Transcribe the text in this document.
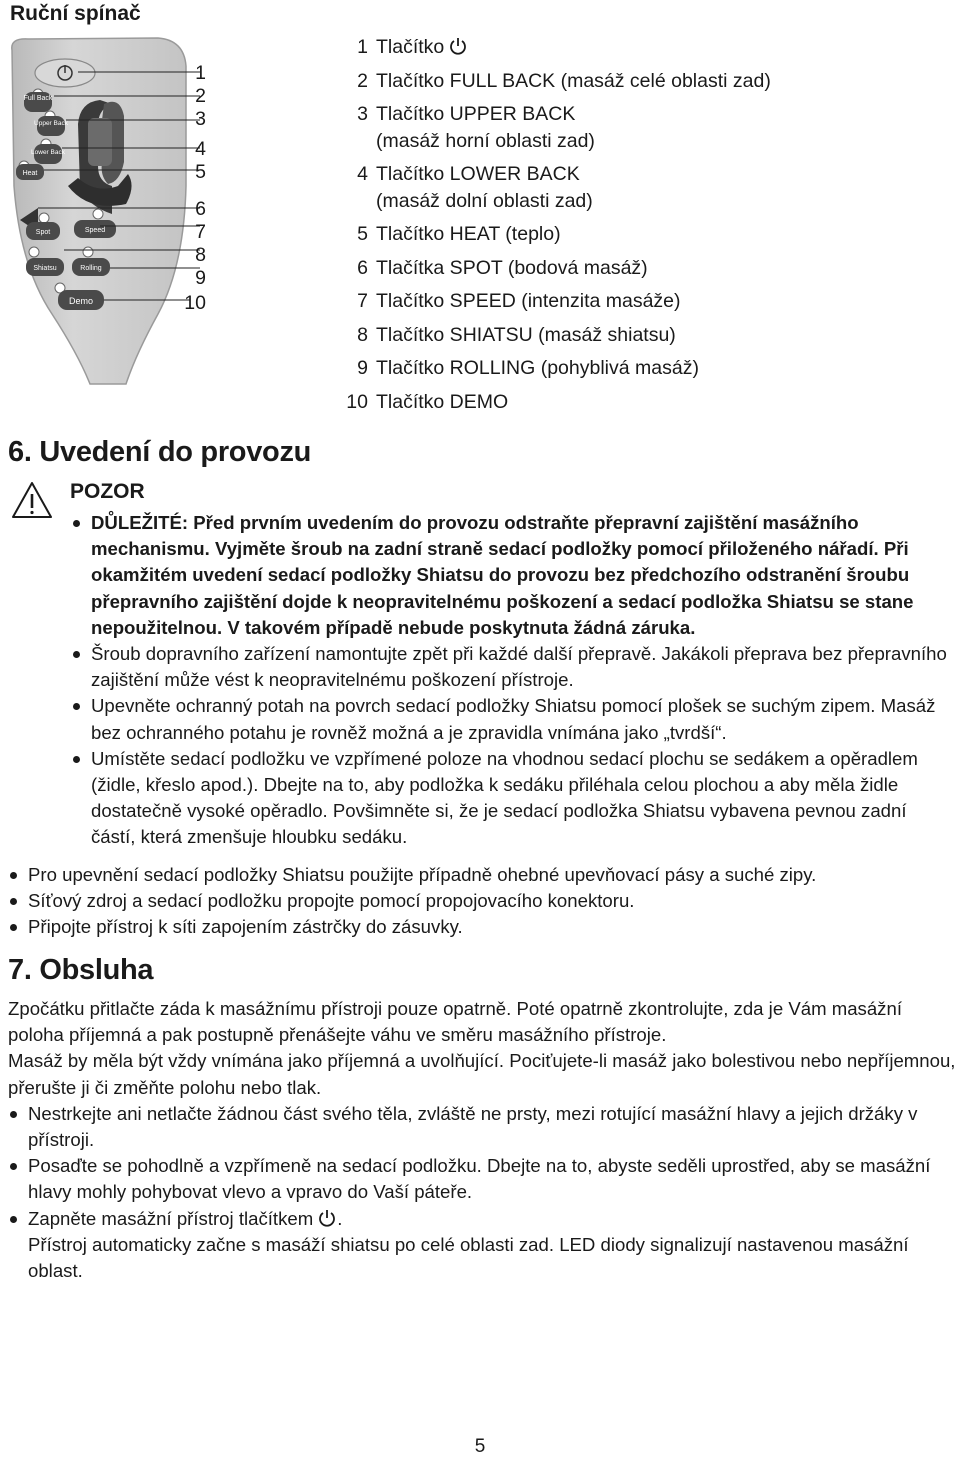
Ruční spínač
Full Back
Upper Back
Lower Back
Heat
Spot	Speed
Shiatsu	Rolling
Demo
1
2
3
4
5
6
7
8
9
10
1 Tlačítko
2 Tlačítko FULL BACK (masáž celé oblasti zad)
3 Tlačítko UPPER BACK
(masáž horní oblasti zad)
4 Tlačítko LOWER BACK
(masáž dolní oblasti zad)
5 Tlačítko HEAT (teplo)
6 Tlačítka SPOT (bodová masáž)
7 Tlačítko SPEED (intenzita masáže)
8 Tlačítko SHIATSU (masáž shiatsu)
9 Tlačítko ROLLING (pohyblivá masáž)
10 Tlačítko DEMO
6. Uvedení do provozu
POZOR
DŮLEŽITÉ: Před prvním uvedením do provozu odstraňte přepravní zajištění masážního mechanismu. Vyjměte šroub na zadní straně sedací podložky pomocí přiloženého nářadí. Při okamžitém uvedení sedací podložky Shiatsu do provozu bez předchozího odstranění šroubu přepravního zajištění dojde k neopravitelnému poškození a sedací podložka Shiatsu se stane nepoužitelnou. V takovém případě nebude poskytnuta žádná záruka.
Šroub dopravního zařízení namontujte zpět při každé další přepravě. Jakákoli přeprava bez přepravního zajištění může vést k neopravitelnému poškození přístroje.
Upevněte ochranný potah na povrch sedací podložky Shiatsu pomocí plošek se suchým zipem. Masáž bez ochranného potahu je rovněž možná a je zpravidla vnímána jako „tvrdší“.
Umístěte sedací podložku ve vzpřímené poloze na vhodnou sedací plochu se sedákem a opěradlem (židle, křeslo apod.). Dbejte na to, aby podložka k sedáku přiléhala celou plochou a aby měla židle dostatečně vysoké opěradlo. Povšimněte si, že je sedací podložka Shiatsu vybavena pevnou zadní částí, která zmenšuje hloubku sedáku.
Pro upevnění sedací podložky Shiatsu použijte případně ohebné upevňovací pásy a suché zipy.
Síťový zdroj a sedací podložku propojte pomocí propojovacího konektoru.
Připojte přístroj k síti zapojením zástrčky do zásuvky.
7. Obsluha

Zpočátku přitlačte záda k masážnímu přístroji pouze opatrně. Poté opatrně zkontrolujte, zda je Vám masážní poloha příjemná a pak postupně přenášejte váhu ve směru masážního přístroje.

Masáž by měla být vždy vnímána jako příjemná a uvolňující. Pociťujete-li masáž jako bolestivou nebo nepříjemnou, přerušte ji či změňte polohu nebo tlak.

Nestrkejte ani netlačte žádnou část svého těla, zvláště ne prsty, mezi rotující masážní hlavy a jejich držáky v přístroji.
Posaďte se pohodlně a vzpřímeně na sedací podložku. Dbejte na to, abyste seděli uprostřed, aby se masážní hlavy mohly pohybovat vlevo a vpravo do Vaší páteře.
Zapněte masážní přístroj tlačítkem .
Přístroj automaticky začne s masáží shiatsu po celé oblasti zad. LED diody signalizují nastavenou masážní oblast.
5
